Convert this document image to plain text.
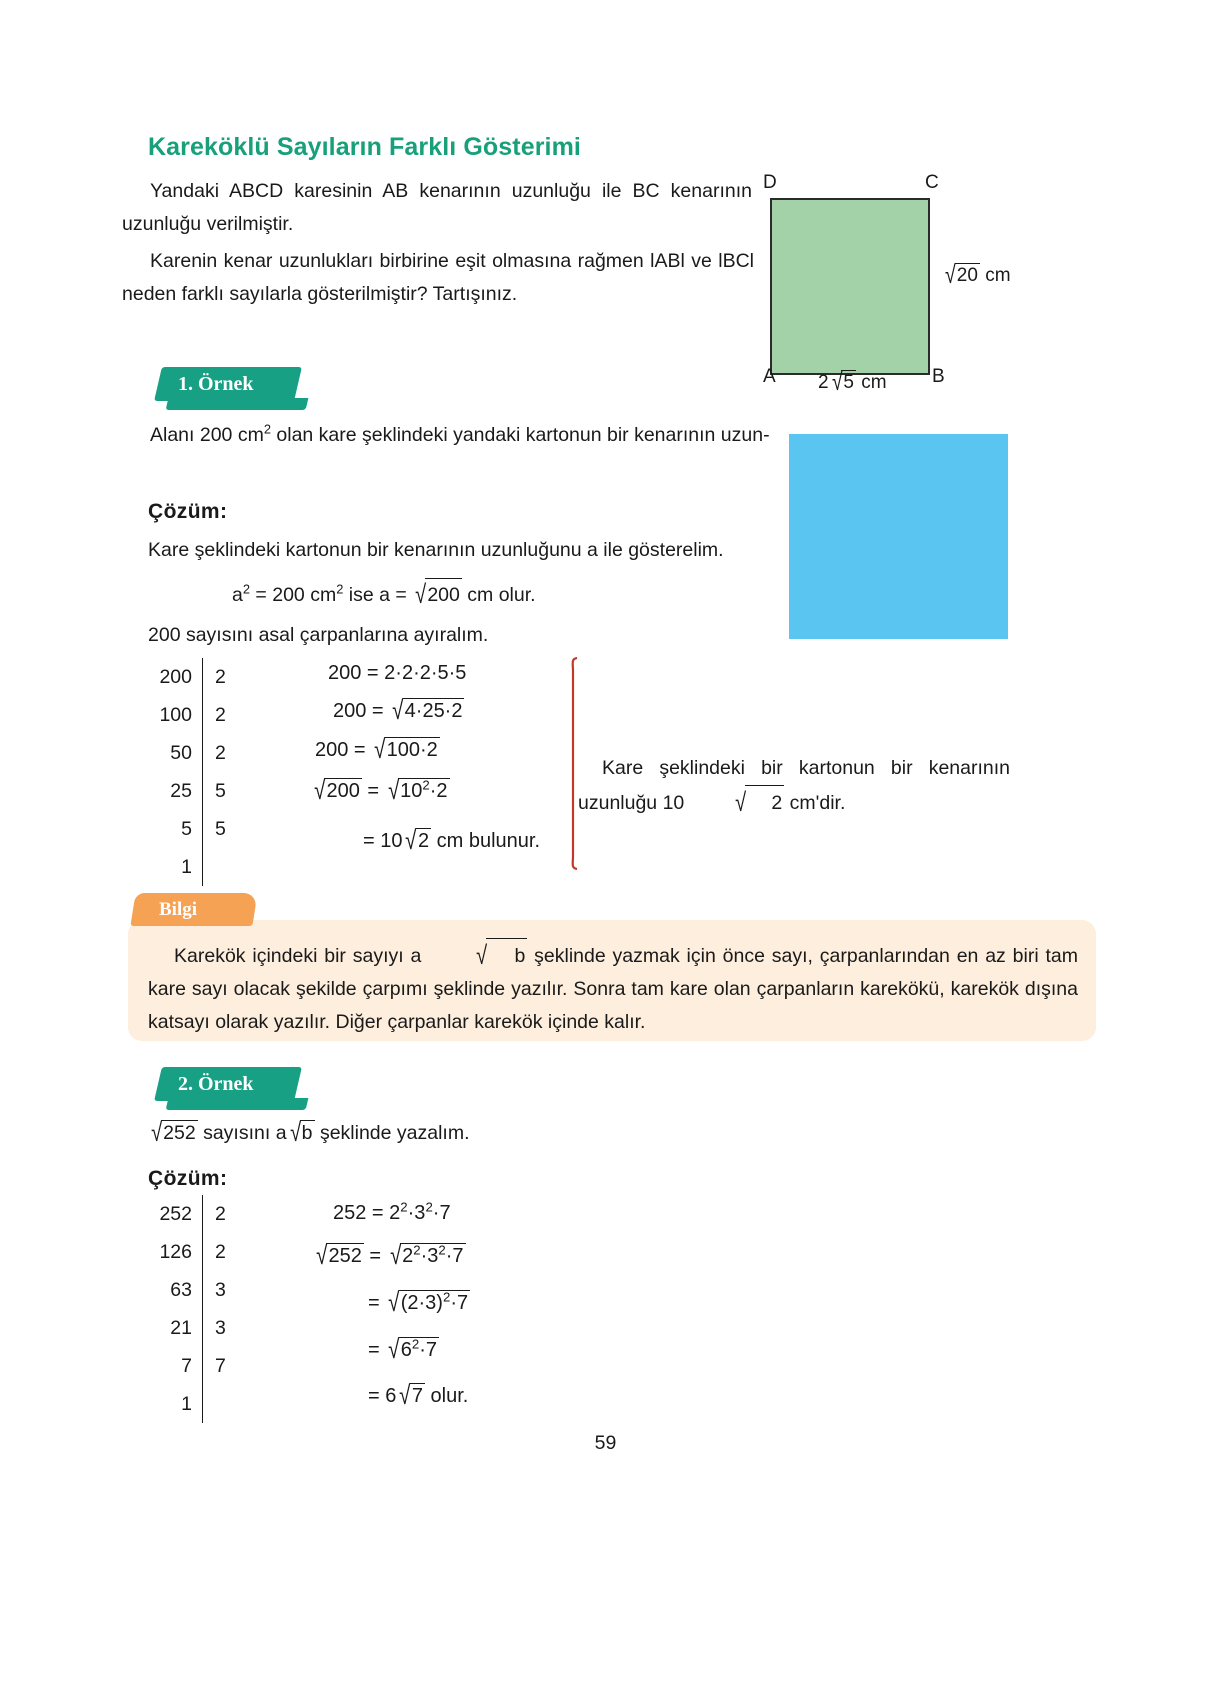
Kareköklü Sayıların Farklı Gösterimi
Yandaki ABCD karesinin AB kenarının uzunluğu ile BC kenarının uzunluğu verilmiştir.
Karenin kenar uzunlukları birbirine eşit olmasına rağmen lABl ve lBCl neden farklı sayılarla gösterilmiştir? Tartışınız.
D	C
A	B
√20 cm
2 √5 cm
1. Örnek
Alanı 200 $cm^2$ olan kare şeklindeki yandaki kartonun bir kenarının uzun-
Çözüm:
Kare şeklindeki kartonun bir kenarının uzunluğunu a ile gösterelim.
$a^2 = 200$ $cm^2$ ise a = √200 cm olur.
200 sayısını asal çarpanlarına ayıralım.
200	2
100	2
50	2
25	5
5	5
1
200 = 2·2·2·5·5
200 = √4·25·2
200 = √100·2
$√200 = √10^2\cdot 2$
= 10 √2 cm bulunur.
Kare şeklindeki bir kartonun bir kenarının uzunluğu 10 √ 2 cm'dir.
Bilgi
Karekök içindeki bir sayıyı a √ b şeklinde yazmak için önce sayı, çarpanlarından en az biri tam kare sayı olacak şekilde çarpımı şeklinde yazılır. Sonra tam kare olan çarpanların karekökü, karekök dışına katsayı olarak yazılır. Diğer çarpanlar karekök içinde kalır.
2. Örnek
√252 sayısını a √b şeklinde yazalım.
Çözüm:
252	2
126	2
63	3
21	3
7	7
1
$252 = 2^2\cdot 3^2\cdot 7$
$√252 = √2^2\cdot 3^2\cdot 7$
= $√(2\cdot 3)^2\cdot 7$
= $√6^2\cdot 7$
= 6 √7 olur.
59
